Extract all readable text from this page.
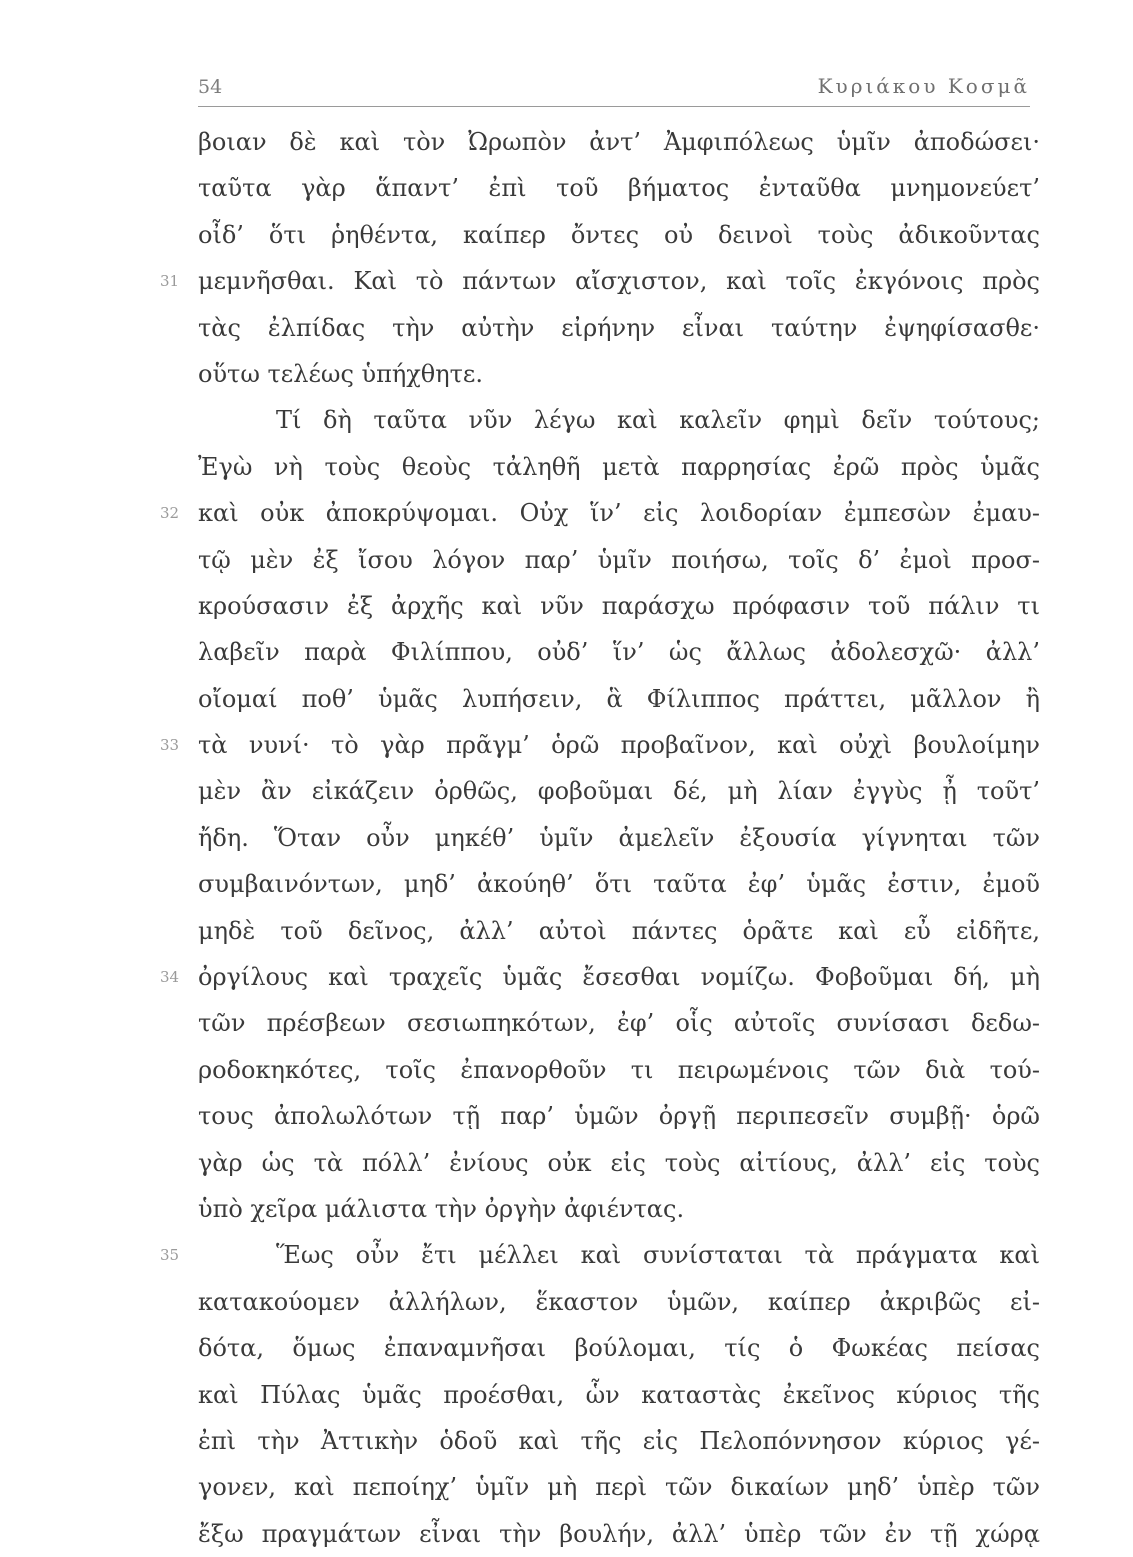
54	Κυριάκου Κοσμᾶ
βοιαν δὲ καὶ τὸν Ὠρωπὸν ἀντ’ Ἀμφιπόλεως ὑμῖν ἀποδώσει·
ταῦτα γὰρ ἅπαντ’ ἐπὶ τοῦ βήματος ἐνταῦθα μνημονεύετ’
οἶδ’ ὅτι ῥηθέντα, καίπερ ὄντες οὐ δεινοὶ τοὺς ἀδικοῦντας
31 μεμνῆσθαι. Καὶ τὸ πάντων αἴσχιστον, καὶ τοῖς ἐκγόνοις πρὸς
τὰς ἐλπίδας τὴν αὐτὴν εἰρήνην εἶναι ταύτην ἐψηφίσασθε·
οὕτω τελέως ὑπήχθητε.
Τί δὴ ταῦτα νῦν λέγω καὶ καλεῖν φημὶ δεῖν τούτους;
Ἐγὼ νὴ τοὺς θεοὺς τἀληθῆ μετὰ παρρησίας ἐρῶ πρὸς ὑμᾶς
32 καὶ οὐκ ἀποκρύψομαι. Οὐχ ἵν’ εἰς λοιδορίαν ἐμπεσὼν ἐμαυ-
τῷ μὲν ἐξ ἴσου λόγον παρ’ ὑμῖν ποιήσω, τοῖς δ’ ἐμοὶ προσ-
κρούσασιν ἐξ ἀρχῆς καὶ νῦν παράσχω πρόφασιν τοῦ πάλιν τι
λαβεῖν παρὰ Φιλίππου, οὐδ’ ἵν’ ὡς ἄλλως ἀδολεσχῶ· ἀλλ’
οἴομαί ποθ’ ὑμᾶς λυπήσειν, ἃ Φίλιππος πράττει, μᾶλλον ἢ
33 τὰ νυνί· τὸ γὰρ πρᾶγμ’ ὁρῶ προβαῖνον, καὶ οὐχὶ βουλοίμην
μὲν ἂν εἰκάζειν ὀρθῶς, φοβοῦμαι δέ, μὴ λίαν ἐγγὺς ᾖ τοῦτ’
ἤδη. Ὅταν οὖν μηκέθ’ ὑμῖν ἀμελεῖν ἐξουσία γίγνηται τῶν
συμβαινόντων, μηδ’ ἀκούηθ’ ὅτι ταῦτα ἐφ’ ὑμᾶς ἐστιν, ἐμοῦ
μηδὲ τοῦ δεῖνος, ἀλλ’ αὐτοὶ πάντες ὁρᾶτε καὶ εὖ εἰδῆτε,
34 ὀργίλους καὶ τραχεῖς ὑμᾶς ἔσεσθαι νομίζω. Φοβοῦμαι δή, μὴ
τῶν πρέσβεων σεσιωπηκότων, ἐφ’ οἷς αὐτοῖς συνίσασι δεδω-
ροδοκηκότες, τοῖς ἐπανορθοῦν τι πειρωμένοις τῶν διὰ τού-
τους ἀπολωλότων τῇ παρ’ ὑμῶν ὀργῇ περιπεσεῖν συμβῇ· ὁρῶ
γὰρ ὡς τὰ πόλλ’ ἐνίους οὐκ εἰς τοὺς αἰτίους, ἀλλ’ εἰς τοὺς
ὑπὸ χεῖρα μάλιστα τὴν ὀργὴν ἀφιέντας.
35	Ἕως οὖν ἔτι μέλλει καὶ συνίσταται τὰ πράγματα καὶ
κατακούομεν ἀλλήλων, ἕκαστον ὑμῶν, καίπερ ἀκριβῶς εἰ-
δότα, ὅμως ἐπαναμνῆσαι βούλομαι, τίς ὁ Φωκέας πείσας
καὶ Πύλας ὑμᾶς προέσθαι, ὧν καταστὰς ἐκεῖνος κύριος τῆς
ἐπὶ τὴν Ἀττικὴν ὁδοῦ καὶ τῆς εἰς Πελοπόννησον κύριος γέ-
γονεν, καὶ πεποίηχ’ ὑμῖν μὴ περὶ τῶν δικαίων μηδ’ ὑπὲρ τῶν
ἔξω πραγμάτων εἶναι τὴν βουλήν, ἀλλ’ ὑπὲρ τῶν ἐν τῇ χώρᾳ
